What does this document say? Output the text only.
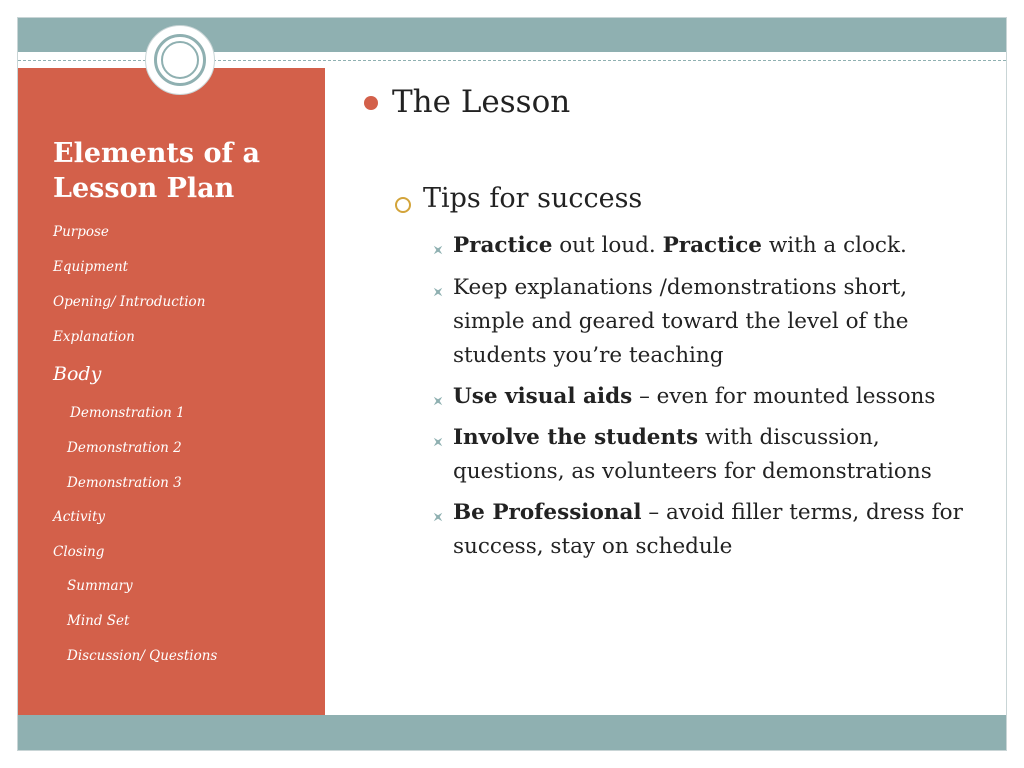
Elements of a
Lesson Plan
Purpose
Equipment
Opening/ Introduction
Explanation
Body
Demonstration 1
Demonstration 2
Demonstration 3
Activity
Closing
Summary
Mind Set
Discussion/ Questions
The Lesson
Tips for success
Practice out loud. Practice with a clock.
Keep explanations /demonstrations short, simple and geared toward the level of the students you’re teaching
Use visual aids – even for mounted lessons
Involve the students with discussion, questions, as volunteers for demonstrations
Be Professional – avoid filler terms, dress for success, stay on schedule
